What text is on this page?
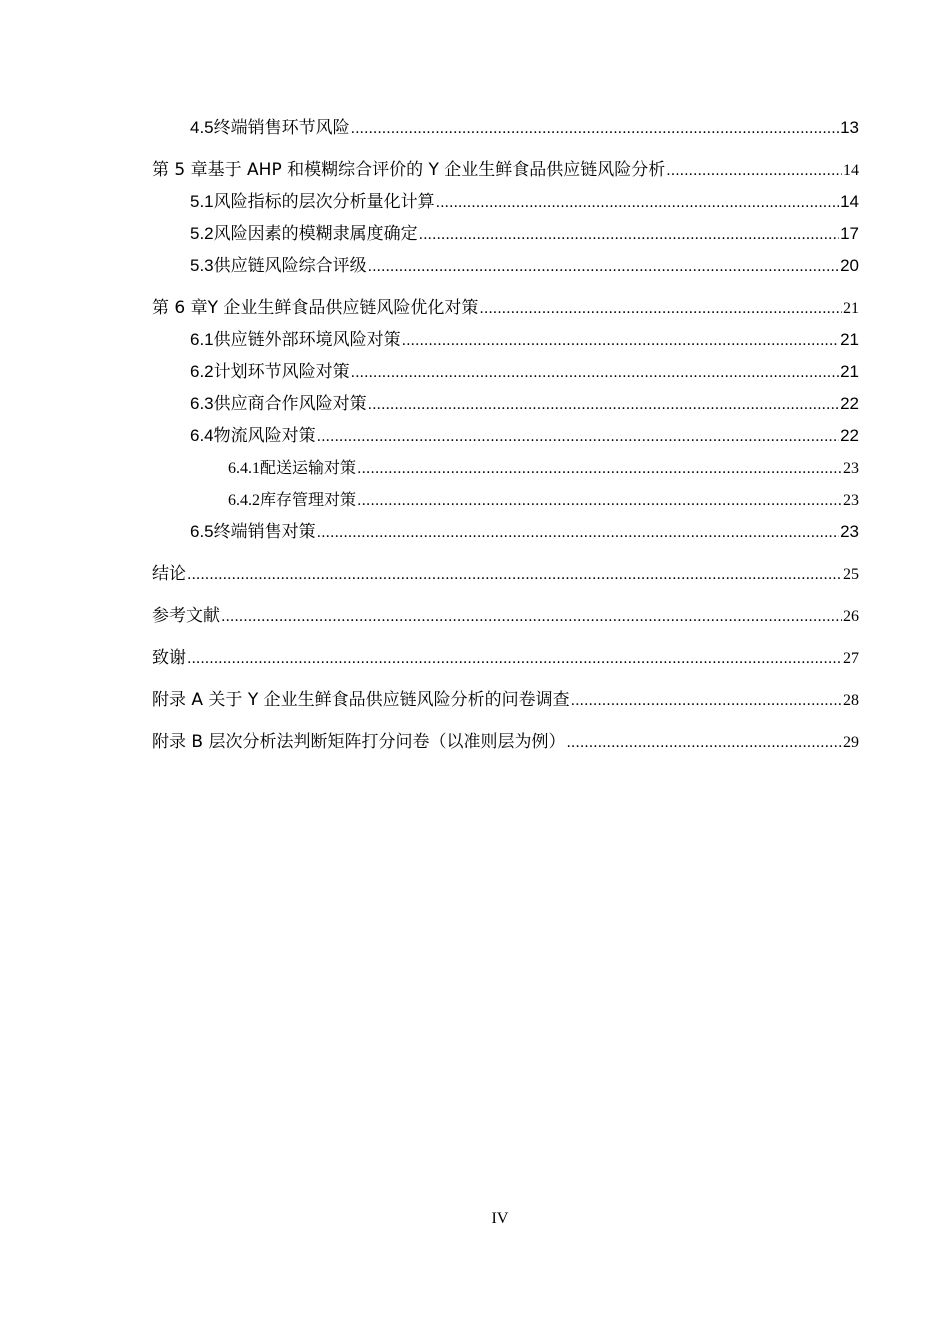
4.5 终端销售环节风险 .....	13
第 5 章 基于 AHP 和模糊综合评价的 Y 企业生鲜食品供应链风险分析 .....	14
5.1 风险指标的层次分析量化计算 .....	14
5.2 风险因素的模糊隶属度确定 .....	17
5.3 供应链风险综合评级 .....	20
第 6 章 Y 企业生鲜食品供应链风险优化对策 .....	21
6.1 供应链外部环境风险对策 .....	21
6.2 计划环节风险对策 .....	21
6.3 供应商合作风险对策 .....	22
6.4 物流风险对策 .....	22
6.4.1 配送运输对策 .....	23
6.4.2 库存管理对策 .....	23
6.5 终端销售对策 .....	23
结论 .....	25
参考文献 .....	26
致谢 .....	27
附录 A 关于 Y 企业生鲜食品供应链风险分析的问卷调查 .....	28
附录 B 层次分析法判断矩阵打分问卷（以准则层为例） .....	29
IV
